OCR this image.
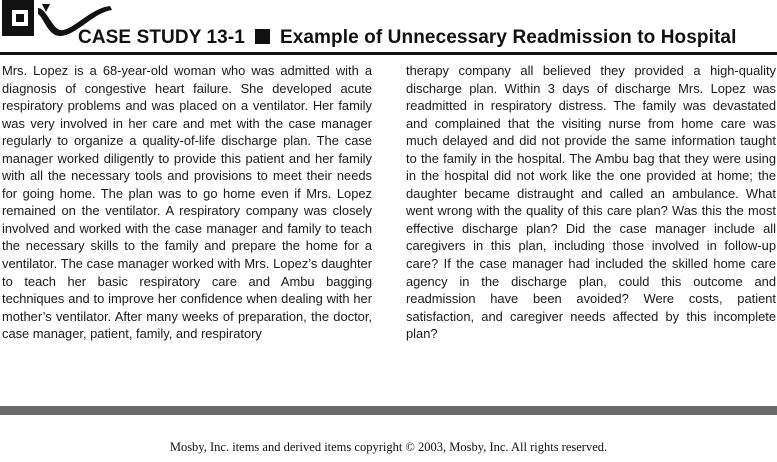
CASE STUDY 13-1 Example of Unnecessary Readmission to Hospital
Mrs. Lopez is a 68-year-old woman who was admitted with a diagnosis of congestive heart failure. She developed acute respiratory problems and was placed on a ventilator. Her family was very involved in her care and met with the case manager regularly to organize a quality-of-life discharge plan. The case manager worked diligently to provide this patient and her family with all the necessary tools and provisions to meet their needs for going home. The plan was to go home even if Mrs. Lopez remained on the ventilator. A respiratory company was closely involved and worked with the case manager and family to teach the necessary skills to the family and prepare the home for a ventilator. The case manager worked with Mrs. Lopez’s daughter to teach her basic respiratory care and Ambu bagging techniques and to improve her confidence when dealing with her mother’s ventilator. After many weeks of preparation, the doctor, case manager, patient, family, and respiratory
therapy company all believed they provided a high-quality discharge plan. Within 3 days of discharge Mrs. Lopez was readmitted in respiratory distress. The family was devastated and complained that the visiting nurse from home care was much delayed and did not provide the same information taught to the family in the hospital. The Ambu bag that they were using in the hospital did not work like the one provided at home; the daughter became distraught and called an ambulance. What went wrong with the quality of this care plan? Was this the most effective discharge plan? Did the case manager include all caregivers in this plan, including those involved in follow-up care? If the case manager had included the skilled home care agency in the discharge plan, could this outcome and readmission have been avoided? Were costs, patient satisfaction, and caregiver needs affected by this incomplete plan?
Mosby, Inc. items and derived items copyright © 2003, Mosby, Inc. All rights reserved.
